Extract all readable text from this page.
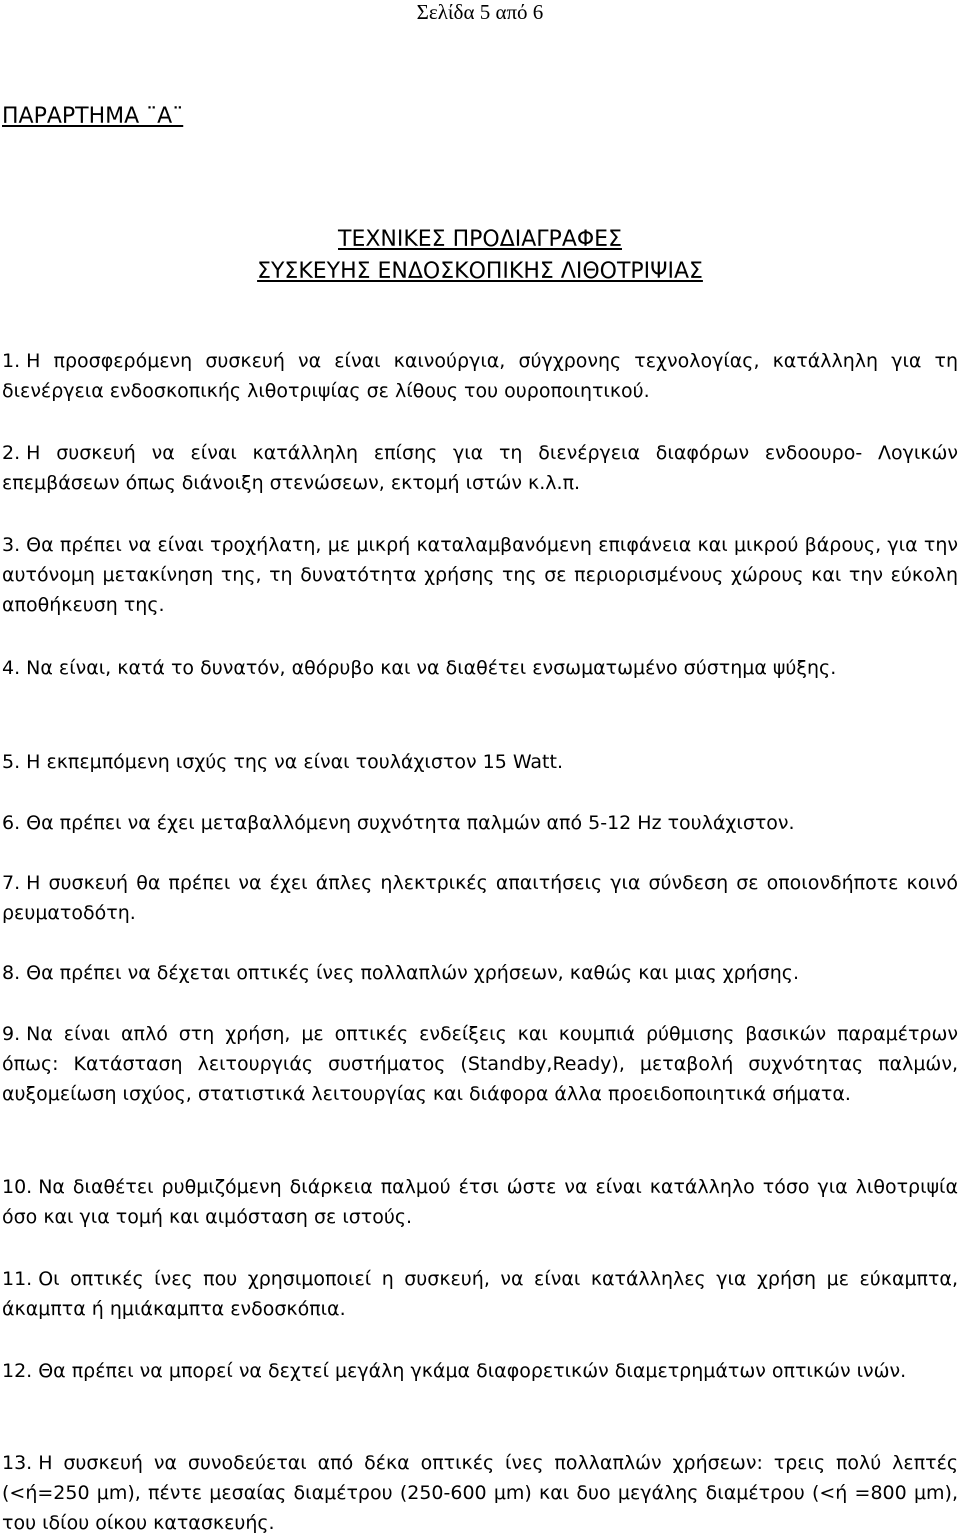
Σελίδα 5 από 6
ΠΑΡΑΡΤΗΜΑ ¨Α¨
ΤΕΧΝΙΚΕΣ ΠΡΟΔΙΑΓΡΑΦΕΣ
ΣΥΣΚΕΥΗΣ ΕΝΔΟΣΚΟΠΙΚΗΣ ΛΙΘΟΤΡΙΨΙΑΣ

1. Η προσφερόμενη συσκευή να είναι καινούργια, σύγχρονης τεχνολογίας, κατάλληλη για τη διενέργεια ενδοσκοπικής λιθοτριψίας σε λίθους του ουροποιητικού.

2. Η συσκευή να είναι κατάλληλη επίσης για τη διενέργεια διαφόρων ενδοουρο- Λογικών επεμβάσεων όπως διάνοιξη στενώσεων, εκτομή ιστών κ.λ.π.

3. Θα πρέπει να είναι τροχήλατη, με μικρή καταλαμβανόμενη επιφάνεια και μικρού βάρους, για την αυτόνομη μετακίνηση της, τη δυνατότητα χρήσης της σε περιορισμένους χώρους και την εύκολη αποθήκευση της.

4. Να είναι, κατά το δυνατόν, αθόρυβο και να διαθέτει ενσωματωμένο σύστημα ψύξης.

5. Η εκπεμπόμενη ισχύς της να είναι τουλάχιστον 15 Watt.

6. Θα πρέπει να έχει μεταβαλλόμενη συχνότητα παλμών από 5-12 Hz τουλάχιστον.

7. Η συσκευή θα πρέπει να έχει άπλες ηλεκτρικές απαιτήσεις για σύνδεση σε οποιονδήποτε κοινό ρευματοδότη.

8. Θα πρέπει να δέχεται οπτικές ίνες πολλαπλών χρήσεων, καθώς και μιας χρήσης.

9. Να είναι απλό στη χρήση, με οπτικές ενδείξεις και κουμπιά ρύθμισης βασικών παραμέτρων όπως: Κατάσταση λειτουργιάς συστήματος (Standby,Ready), μεταβολή συχνότητας παλμών, αυξομείωση ισχύος, στατιστικά λειτουργίας και διάφορα άλλα προειδοποιητικά σήματα.

10. Να διαθέτει ρυθμιζόμενη διάρκεια παλμού έτσι ώστε να είναι κατάλληλο τόσο για λιθοτριψία όσο και για τομή και αιμόσταση σε ιστούς.

11. Οι οπτικές ίνες που χρησιμοποιεί η συσκευή, να είναι κατάλληλες για χρήση με εύκαμπτα, άκαμπτα ή ημιάκαμπτα ενδοσκόπια.

12. Θα πρέπει να μπορεί να δεχτεί μεγάλη γκάμα διαφορετικών διαμετρημάτων οπτικών ινών.

13. Η συσκευή να συνοδεύεται από δέκα οπτικές ίνες πολλαπλών χρήσεων: τρεις πολύ λεπτές (<ή=250 μm), πέντε μεσαίας διαμέτρου (250-600 μm) και δυο μεγάλης διαμέτρου (<ή =800 μm), του ιδίου οίκου κατασκευής.
